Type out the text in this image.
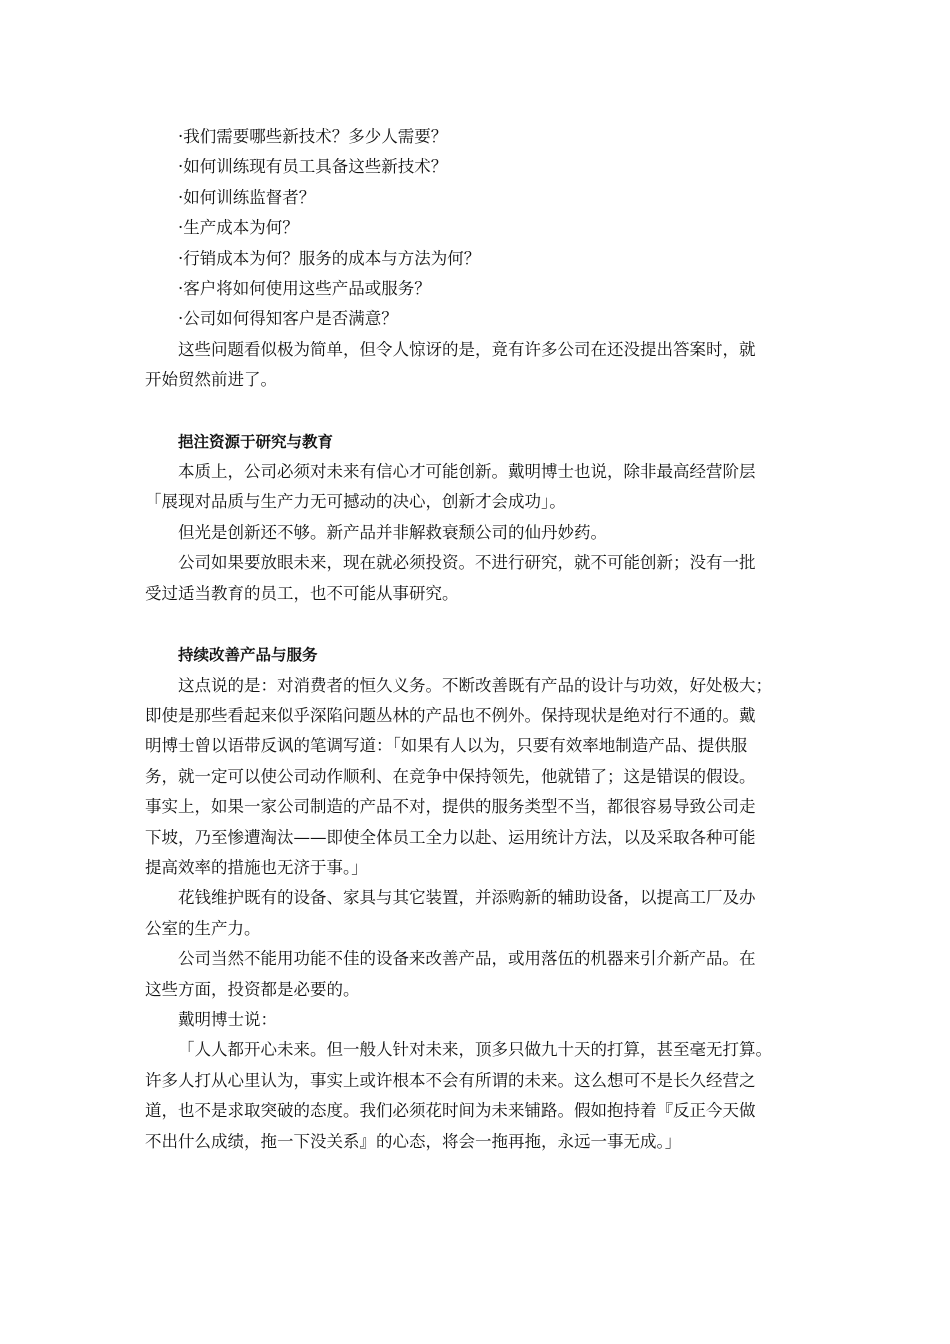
·我们需要哪些新技术？多少人需要？

·如何训练现有员工具备这些新技术？

·如何训练监督者？

·生产成本为何？

·行销成本为何？服务的成本与方法为何？

·客户将如何使用这些产品或服务？

·公司如何得知客户是否满意？

这些问题看似极为简单，但令人惊讶的是，竟有许多公司在还没提出答案时，就

开始贸然前进了。

挹注资源于研究与教育

本质上，公司必须对未来有信心才可能创新。戴明博士也说，除非最高经营阶层

「展现对品质与生产力无可撼动的决心，创新才会成功」。

但光是创新还不够。新产品并非解救衰颓公司的仙丹妙药。

公司如果要放眼未来，现在就必须投资。不进行研究，就不可能创新；没有一批

受过适当教育的员工，也不可能从事研究。

持续改善产品与服务

这点说的是：对消费者的恒久义务。不断改善既有产品的设计与功效，好处极大；

即使是那些看起来似乎深陷问题丛林的产品也不例外。保持现状是绝对行不通的。戴

明博士曾以语带反讽的笔调写道：「如果有人以为，只要有效率地制造产品、提供服

务，就一定可以使公司动作顺利、在竞争中保持领先，他就错了；这是错误的假设。

事实上，如果一家公司制造的产品不对，提供的服务类型不当，都很容易导致公司走

下坡，乃至惨遭淘汰——即使全体员工全力以赴、运用统计方法，以及采取各种可能

提高效率的措施也无济于事。」

花钱维护既有的设备、家具与其它装置，并添购新的辅助设备，以提高工厂及办

公室的生产力。

公司当然不能用功能不佳的设备来改善产品，或用落伍的机器来引介新产品。在

这些方面，投资都是必要的。

戴明博士说：

「人人都开心未来。但一般人针对未来，顶多只做九十天的打算，甚至毫无打算。

许多人打从心里认为，事实上或许根本不会有所谓的未来。这么想可不是长久经营之

道，也不是求取突破的态度。我们必须花时间为未来铺路。假如抱持着『反正今天做

不出什么成绩，拖一下没关系』的心态，将会一拖再拖，永远一事无成。」
